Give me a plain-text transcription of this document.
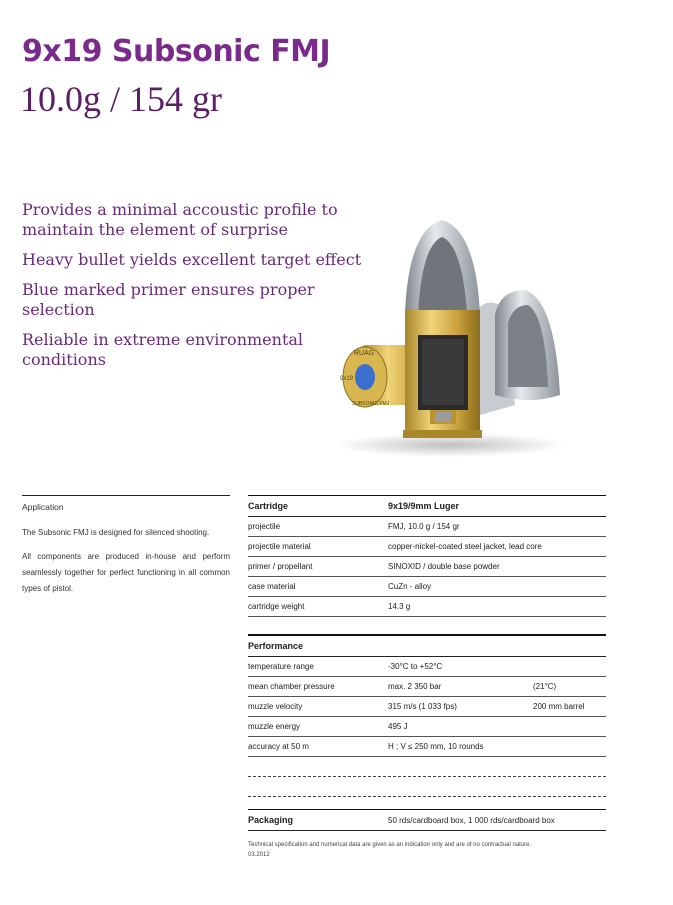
9x19 Subsonic FMJ
10.0g / 154 gr

Provides a minimal accoustic profile to maintain the element of surprise

Heavy bullet yields excellent target effect

Blue marked primer ensures proper selection

Reliable in extreme environmental conditions	RUAG
9x19
SUBSONIC FMJ
Application

The Subsonic FMJ is designed for silenced shooting.

All components are produced in-house and perform seamlessly together for perfect functioning in all common types of pistol.

Cartridge	9x19/9mm Luger
projectile	FMJ, 10.0 g / 154 gr
projectile material	copper-nickel-coated steel jacket, lead core
primer / propellant	SINOXID / double base powder
case material	CuZn - alloy
cartridge weight	14.3 g
Performance
temperature range	-30°C to +52°C
mean chamber pressure	max. 2 350 bar	(21°C)
muzzle velocity	315 m/s (1 033 fps)	200 mm barrel
muzzle energy	495 J
accuracy at 50 m	H ; V ≤ 250 mm, 10 rounds
Packaging	50 rds/cardboard box, 1 000 rds/cardboard box
Technical specification and numerical data are given as an indication only and are of no contractual nature.
03.2012
